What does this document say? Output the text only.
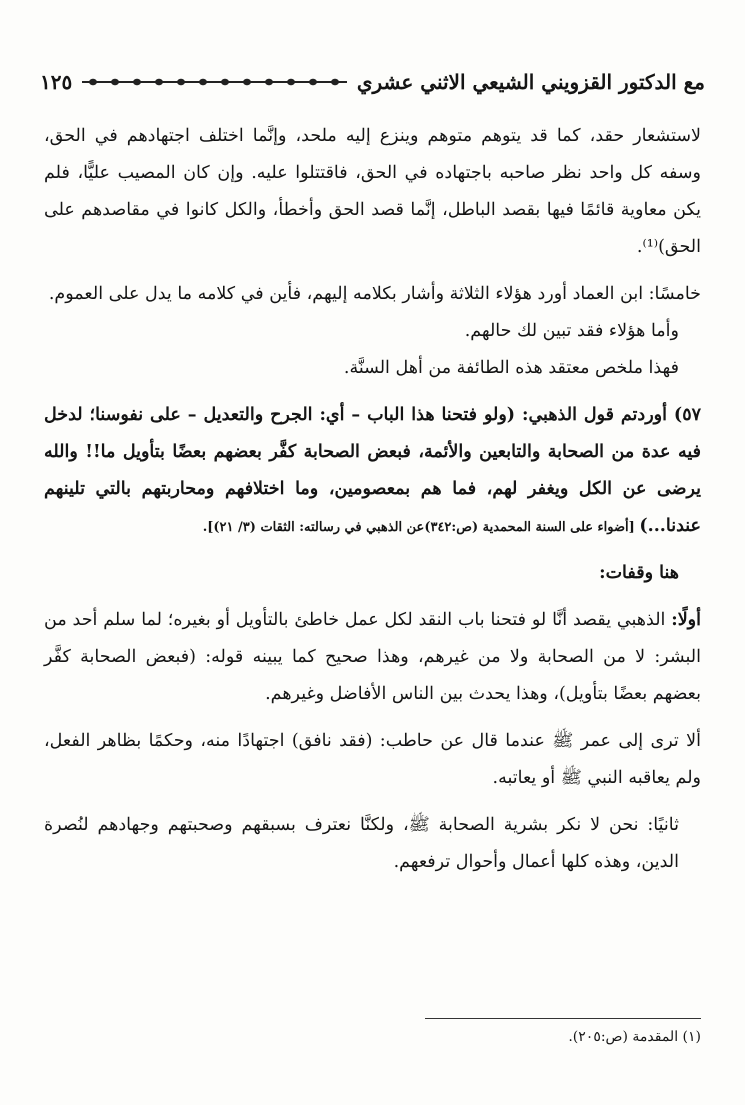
مع الدكتور القزويني الشيعي الاثني عشري
١٢٥

لاستشعار حقد، كما قد يتوهم متوهم وينزع إليه ملحد، وإنَّما اختلف اجتهادهم في الحق، وسفه كل واحد نظر صاحبه باجتهاده في الحق، فاقتتلوا عليه. وإن كان المصيب عليًّا، فلم يكن معاوية قائمًا فيها بقصد الباطل، إنَّما قصد الحق وأخطأ، والكل كانوا في مقاصدهم على الحق)⁽¹⁾.

خامسًا: ابن العماد أورد هؤلاء الثلاثة وأشار بكلامه إليهم، فأين في كلامه ما يدل على العموم.

وأما هؤلاء فقد تبين لك حالهم.

فهذا ملخص معتقد هذه الطائفة من أهل السنَّة.

٥٧) أوردتم قول الذهبي: (ولو فتحنا هذا الباب – أي: الجرح والتعديل – على نفوسنا؛ لدخل فيه عدة من الصحابة والتابعين والأئمة، فبعض الصحابة كفَّر بعضهم بعضًا بتأويل ما!! والله يرضى عن الكل ويغفر لهم، فما هم بمعصومين، وما اختلافهم ومحاربتهم بالتي تلينهم عندنا...) [أضواء على السنة المحمدية (ص:٣٤٢)عن الذهبي في رسالته: الثقات (٣/ ٢١)].

هنا وقفات:

أولًا: الذهبي يقصد أنَّا لو فتحنا باب النقد لكل عمل خاطئ بالتأويل أو بغيره؛ لما سلم أحد من البشر: لا من الصحابة ولا من غيرهم، وهذا صحيح كما يبينه قوله: (فبعض الصحابة كفَّر بعضهم بعضًا بتأويل)، وهذا يحدث بين الناس الأفاضل وغيرهم.

ألا ترى إلى عمر ﷺ عندما قال عن حاطب: (فقد نافق) اجتهادًا منه، وحكمًا بظاهر الفعل، ولم يعاقبه النبي ﷺ أو يعاتبه.

ثانيًا: نحن لا نكر بشرية الصحابة ﷺ، ولكنَّا نعترف بسبقهم وصحبتهم وجهادهم لنُصرة الدين، وهذه كلها أعمال وأحوال ترفعهم.

(١) المقدمة (ص:٢٠٥).
